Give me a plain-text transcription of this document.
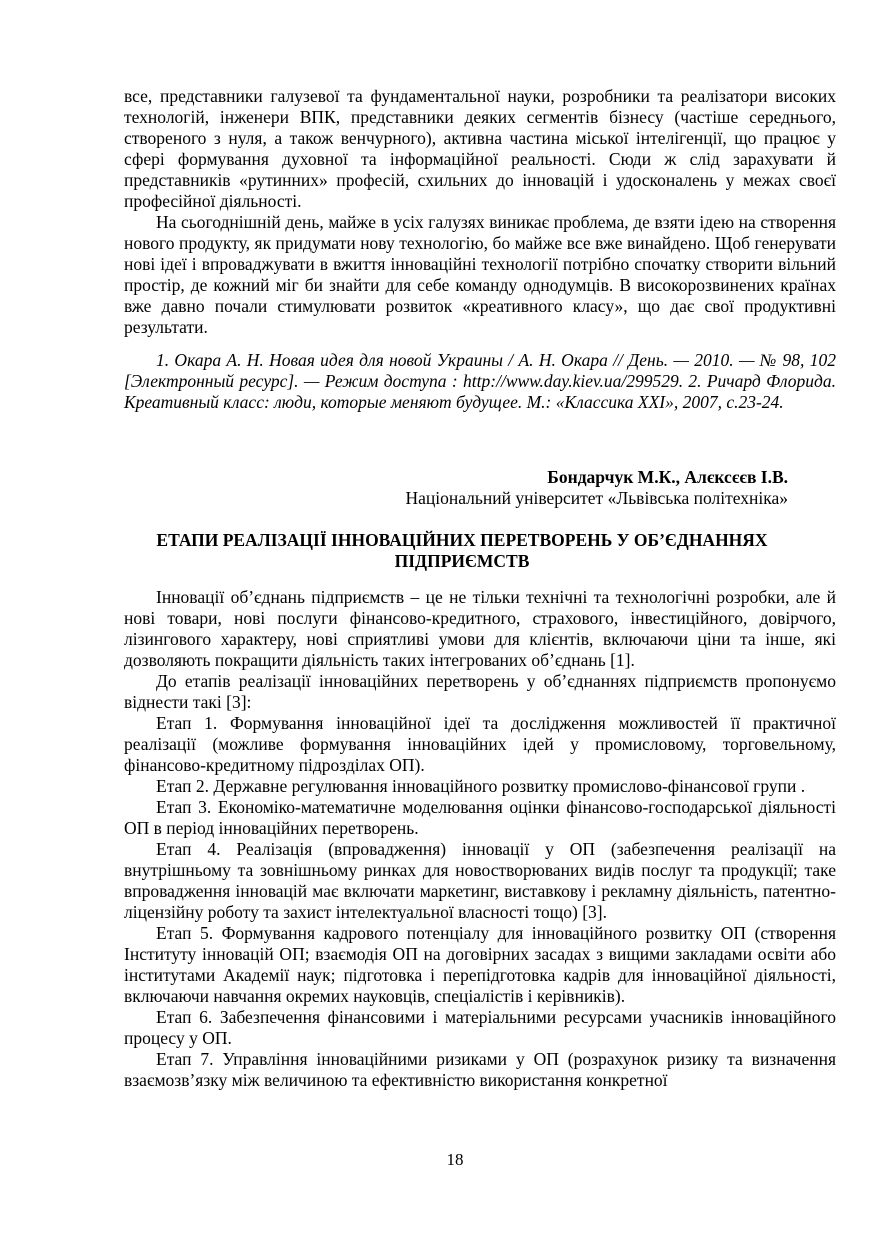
все, представники галузевої та фундаментальної науки, розробники та реалізатори високих технологій, інженери ВПК, представники деяких сегментів бізнесу (частіше середнього, створеного з нуля, а також венчурного), активна частина міської інтелігенції, що працює у сфері формування духовної та інформаційної реальності. Сюди ж слід зарахувати й представників «рутинних» професій, схильних до інновацій і удосконалень у межах своєї професійної діяльності.

На сьогоднішній день, майже в усіх галузях виникає проблема, де взяти ідею на створення нового продукту, як придумати нову технологію, бо майже все вже винайдено. Щоб генерувати нові ідеї і впроваджувати в вжиття інноваційні технології потрібно спочатку створити вільний простір, де кожний міг би знайти для себе команду однодумців. В високорозвинених країнах вже давно почали стимулювати розвиток «креативного класу», що дає свої продуктивні результати.

1. Окара А. Н. Новая идея для новой Украины / А. Н. Окара // День. — 2010. — № 98, 102 [Электронный ресурс]. — Режим доступа : http://www.day.kiev.ua/299529. 2. Ричард Флорида. Креативный класс: люди, которые меняют будущее. М.: «Классика XXI», 2007, с.23-24.

Бондарчук М.К., Алєксєєв І.В.
Національний університет «Львівська політехніка»
ЕТАПИ РЕАЛІЗАЦІЇ ІННОВАЦІЙНИХ ПЕРЕТВОРЕНЬ У ОБ’ЄДНАННЯХ ПІДПРИЄМСТВ

Інновації об’єднань підприємств – це не тільки технічні та технологічні розробки, але й нові товари, нові послуги фінансово-кредитного, страхового, інвестиційного, довірчого, лізингового характеру, нові сприятливі умови для клієнтів, включаючи ціни та інше, які дозволяють покращити діяльність таких інтегрованих об’єднань [1].

До етапів реалізації інноваційних перетворень у об’єднаннях підприємств пропонуємо віднести такі [3]:

Етап 1. Формування інноваційної ідеї та дослідження можливостей її практичної реалізації (можливе формування інноваційних ідей у промисловому, торговельному, фінансово-кредитному підрозділах ОП).

Етап 2. Державне регулювання інноваційного розвитку промислово-фінансової групи .

Етап 3. Економіко-математичне моделювання оцінки фінансово-господарської діяльності ОП в період інноваційних перетворень.

Етап 4. Реалізація (впровадження) інновації у ОП (забезпечення реалізації на внутрішньому та зовнішньому ринках для новостворюваних видів послуг та продукції; таке впровадження інновацій має включати маркетинг, виставкову і рекламну діяльність, патентно-ліцензійну роботу та захист інтелектуальної власності тощо) [3].

Етап 5. Формування кадрового потенціалу для інноваційного розвитку ОП (створення Інституту інновацій ОП; взаємодія ОП на договірних засадах з вищими закладами освіти або інститутами Академії наук; підготовка і перепідготовка кадрів для інноваційної діяльності, включаючи навчання окремих науковців, спеціалістів і керівників).

Етап 6. Забезпечення фінансовими і матеріальними ресурсами учасників інноваційного процесу у ОП.

Етап 7. Управління інноваційними ризиками у ОП (розрахунок ризику та визначення взаємозв’язку між величиною та ефективністю використання конкретної

18
